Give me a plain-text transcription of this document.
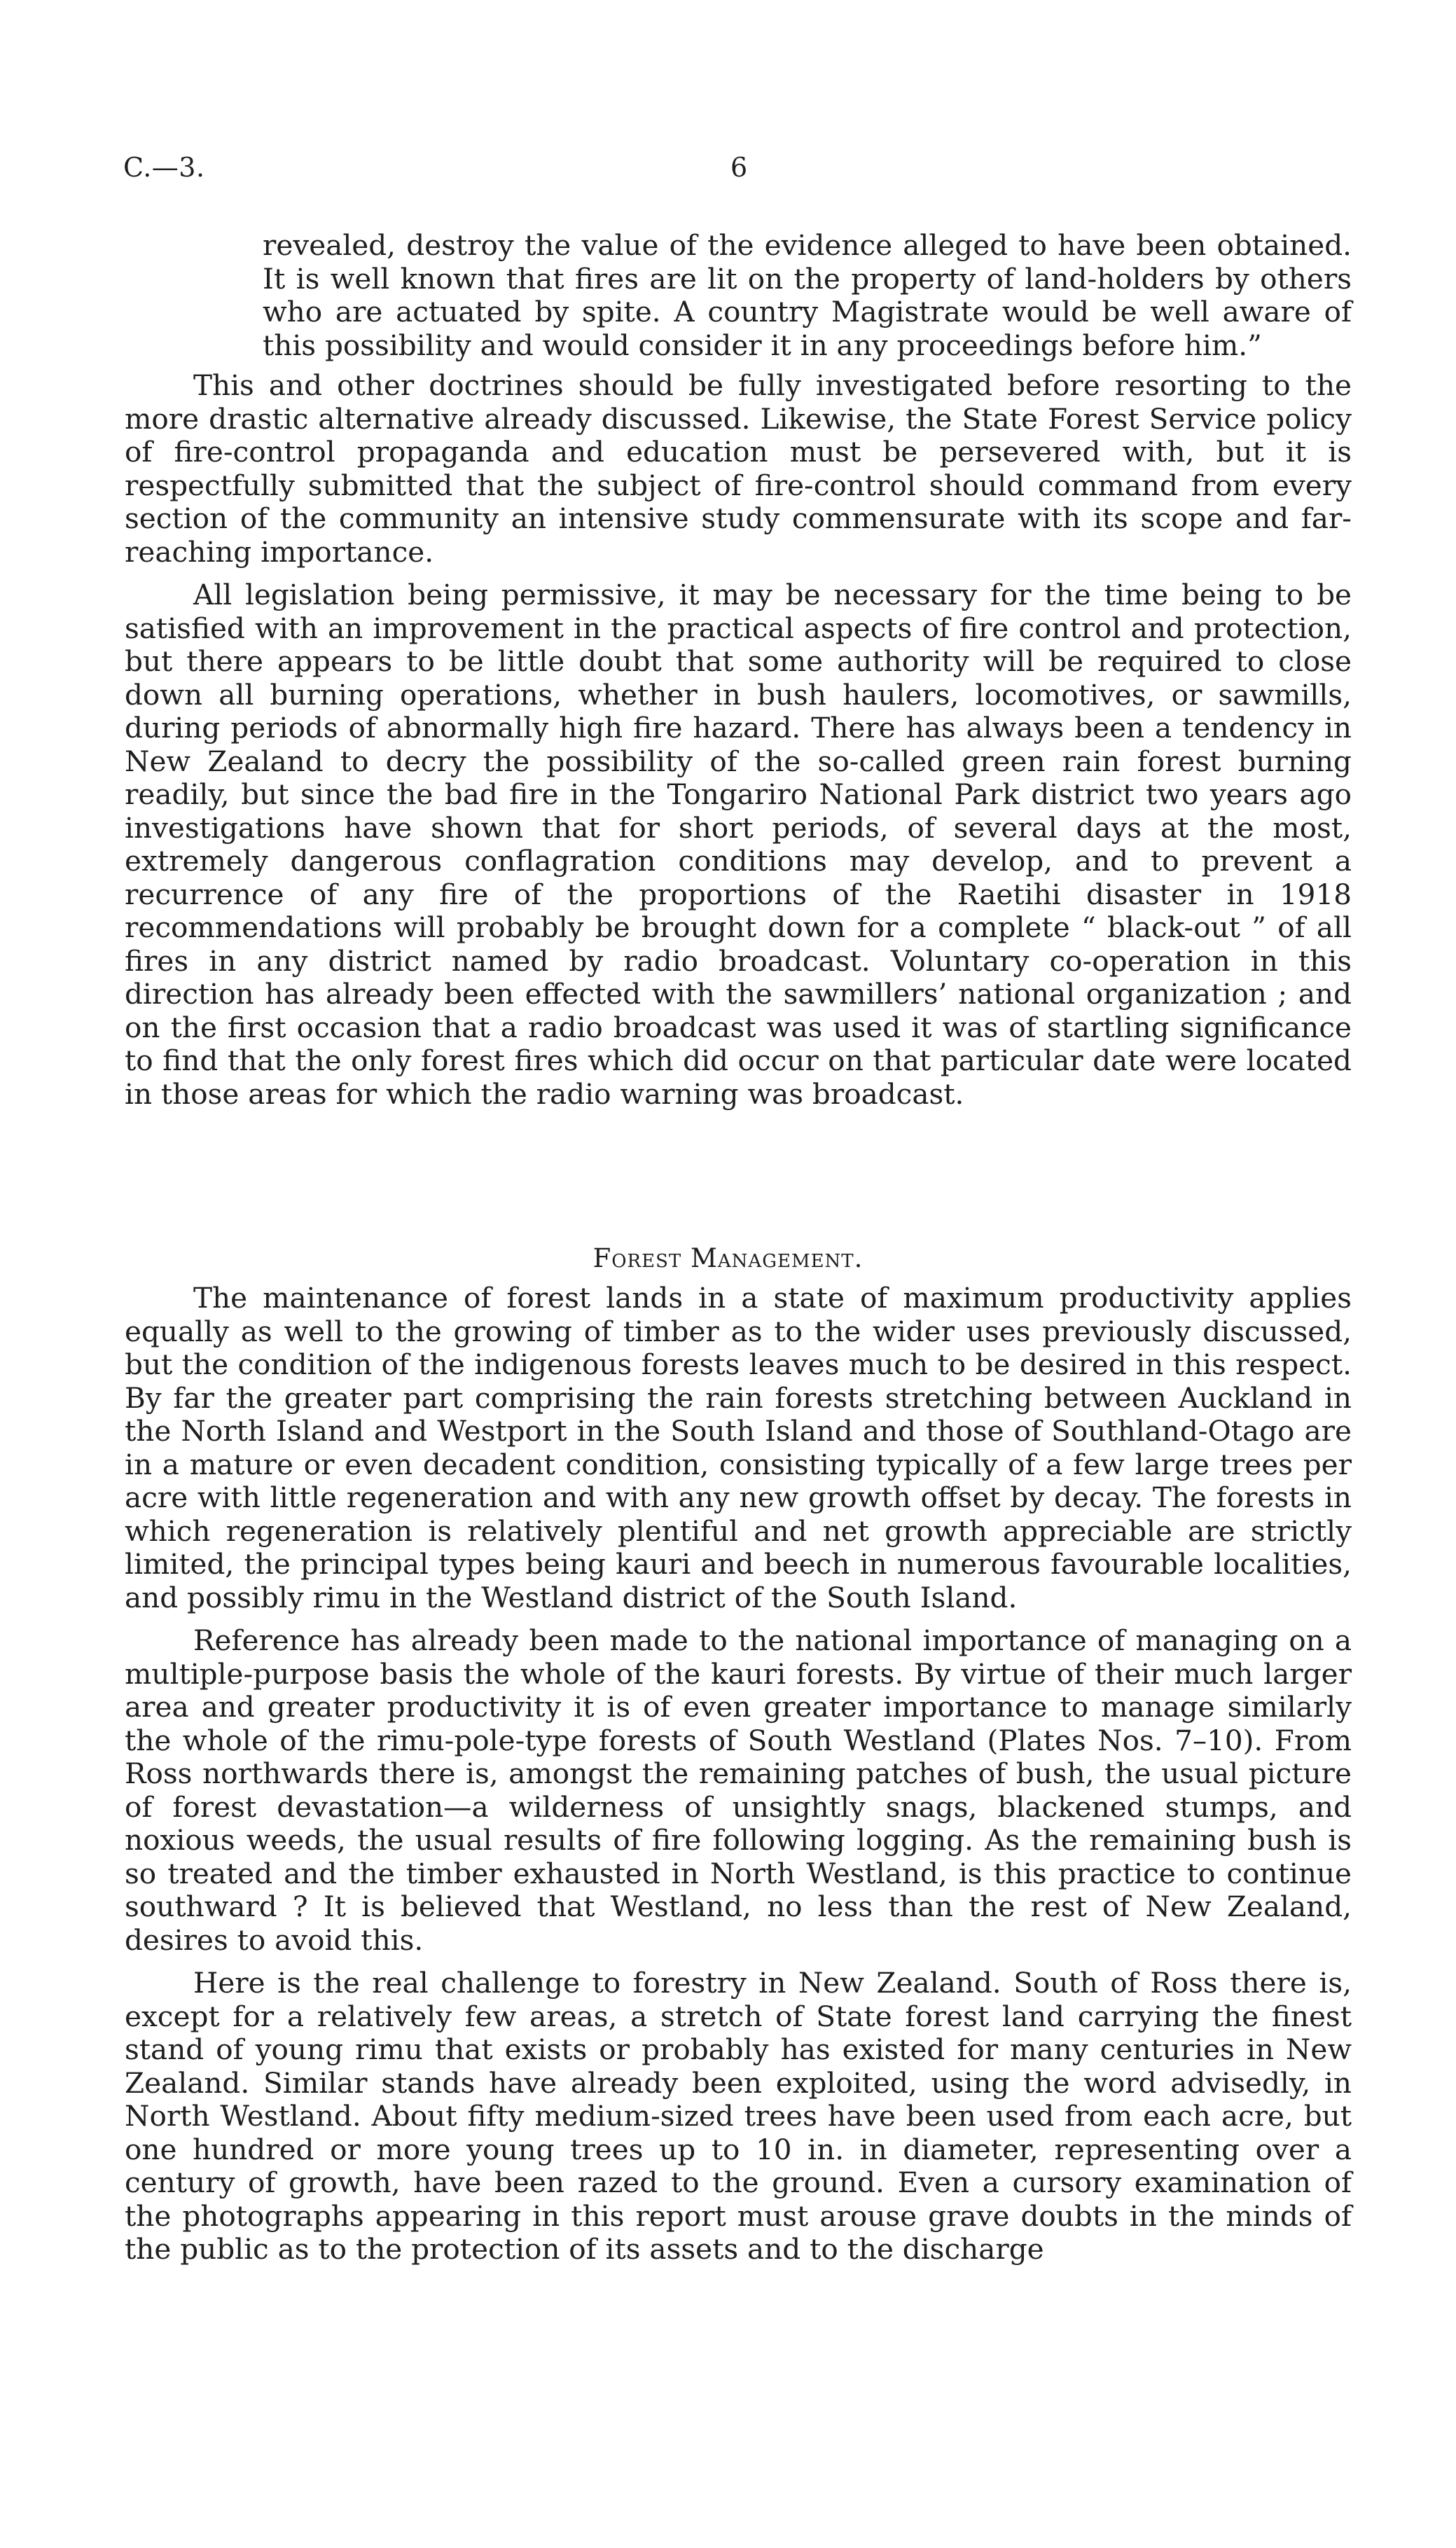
C.—3.	6

revealed, destroy the value of the evidence alleged to have been obtained. It is well known that fires are lit on the property of land-holders by others who are actuated by spite. A country Magistrate would be well aware of this possibility and would consider it in any proceedings before him.”

This and other doctrines should be fully investigated before resorting to the more drastic alternative already discussed. Likewise, the State Forest Service policy of fire-control propaganda and education must be persevered with, but it is respectfully submitted that the subject of fire-control should command from every section of the community an intensive study commensurate with its scope and far-reaching importance.

All legislation being permissive, it may be necessary for the time being to be satisfied with an improvement in the practical aspects of fire control and protection, but there appears to be little doubt that some authority will be required to close down all burning operations, whether in bush haulers, locomotives, or sawmills, during periods of abnormally high fire hazard. There has always been a tendency in New Zealand to decry the possibility of the so-called green rain forest burning readily, but since the bad fire in the Tongariro National Park district two years ago investigations have shown that for short periods, of several days at the most, extremely dangerous conflagration conditions may develop, and to prevent a recurrence of any fire of the proportions of the Raetihi disaster in 1918 recommendations will probably be brought down for a complete “ black-out ” of all fires in any district named by radio broadcast. Voluntary co-operation in this direction has already been effected with the sawmillers’ national organization ; and on the first occasion that a radio broadcast was used it was of startling significance to find that the only forest fires which did occur on that particular date were located in those areas for which the radio warning was broadcast.

Forest Management.

The maintenance of forest lands in a state of maximum productivity applies equally as well to the growing of timber as to the wider uses previously discussed, but the condition of the indigenous forests leaves much to be desired in this respect. By far the greater part comprising the rain forests stretching between Auckland in the North Island and Westport in the South Island and those of Southland-Otago are in a mature or even decadent condition, consisting typically of a few large trees per acre with little regeneration and with any new growth offset by decay. The forests in which regeneration is relatively plentiful and net growth appreciable are strictly limited, the principal types being kauri and beech in numerous favourable localities, and possibly rimu in the Westland district of the South Island.

Reference has already been made to the national importance of managing on a multiple-purpose basis the whole of the kauri forests. By virtue of their much larger area and greater productivity it is of even greater importance to manage similarly the whole of the rimu-pole-type forests of South Westland (Plates Nos. 7–10). From Ross northwards there is, amongst the remaining patches of bush, the usual picture of forest devastation—a wilderness of unsightly snags, blackened stumps, and noxious weeds, the usual results of fire following logging. As the remaining bush is so treated and the timber exhausted in North Westland, is this practice to continue southward ? It is believed that Westland, no less than the rest of New Zealand, desires to avoid this.

Here is the real challenge to forestry in New Zealand. South of Ross there is, except for a relatively few areas, a stretch of State forest land carrying the finest stand of young rimu that exists or probably has existed for many centuries in New Zealand. Similar stands have already been exploited, using the word advisedly, in North Westland. About fifty medium-sized trees have been used from each acre, but one hundred or more young trees up to 10 in. in diameter, representing over a century of growth, have been razed to the ground. Even a cursory examination of the photographs appearing in this report must arouse grave doubts in the minds of the public as to the protection of its assets and to the discharge
